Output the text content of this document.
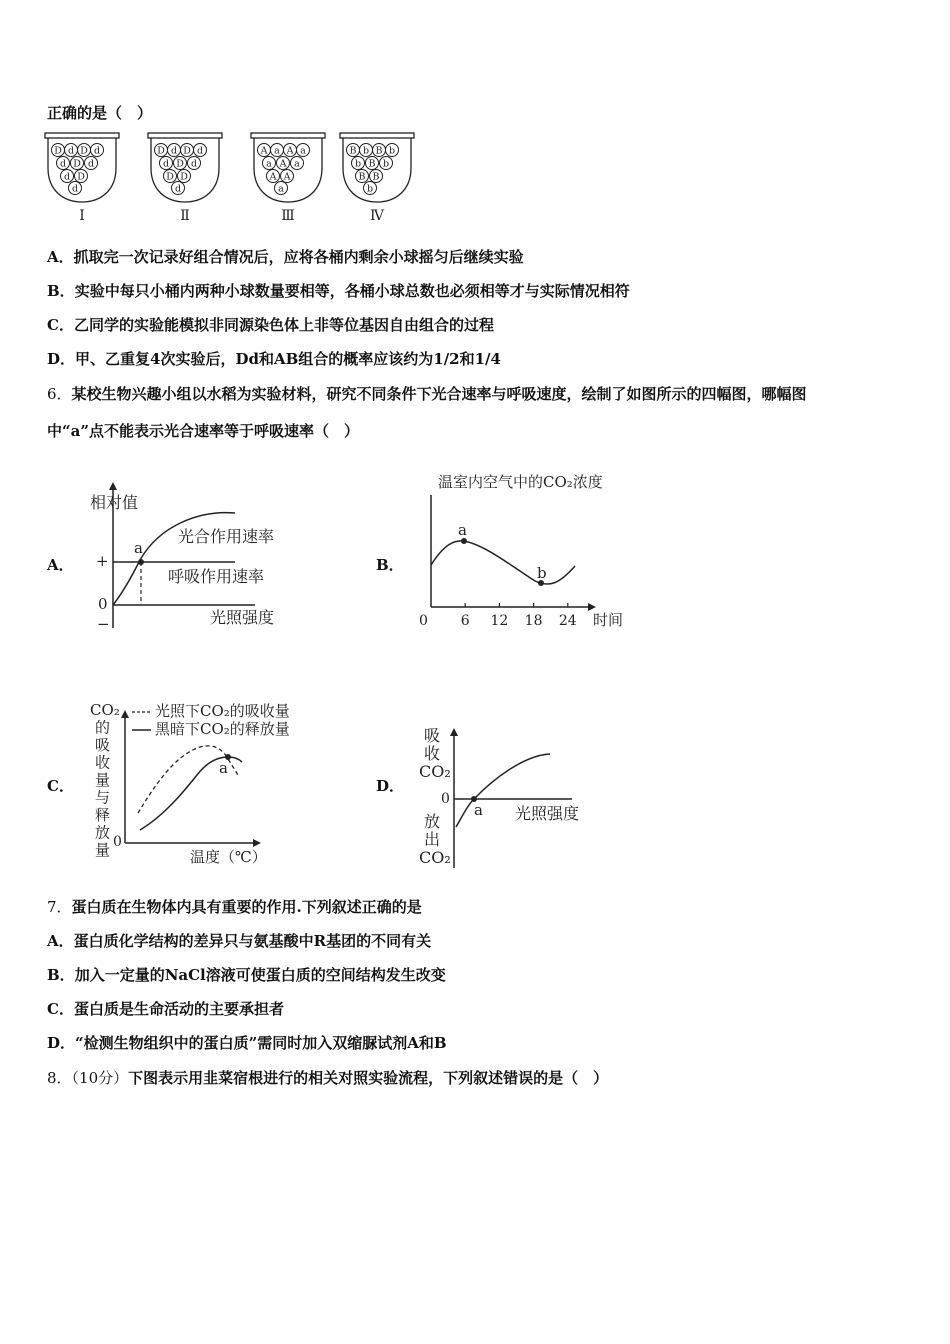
正确的是（　）
D d D d
d D d
d D
d
Ⅰ
D d D d
d D d
D D
d
Ⅱ
A a A a
a A a
A A
a
Ⅲ
B b B b
b B b
B B
b
Ⅳ
A．抓取完一次记录好组合情况后，应将各桶内剩余小球摇匀后继续实验
B．实验中每只小桶内两种小球数量要相等，各桶小球总数也必须相等才与实际情况相符
C．乙同学的实验能模拟非同源染色体上非等位基因自由组合的过程
D．甲、乙重复4次实验后，Dd和AB组合的概率应该约为1/2和1/4
6．某校生物兴趣小组以水稻为实验材料，研究不同条件下光合速率与呼吸速度，绘制了如图所示的四幅图，哪幅图
中“a”点不能表示光合速率等于呼吸速率（　）
A．	B．
C．	D．
相对值
+
0
−
a
光合作用速率
呼吸作用速率
光照强度
温室内空气中的CO₂浓度
0 6 12 18 24 时间
a
b
CO₂ 的吸收量与释放量 0
温度（℃）
光照下CO₂的吸收量
黑暗下CO₂的释放量
a
吸收 CO₂
放出 CO₂
0
a 光照强度
7．蛋白质在生物体内具有重要的作用.下列叙述正确的是
A．蛋白质化学结构的差异只与氨基酸中R基团的不同有关
B．加入一定量的NaCl溶液可使蛋白质的空间结构发生改变
C．蛋白质是生命活动的主要承担者
D．“检测生物组织中的蛋白质”需同时加入双缩脲试剂A和B
8．（10分）下图表示用韭菜宿根进行的相关对照实验流程，下列叙述错误的是（　）
